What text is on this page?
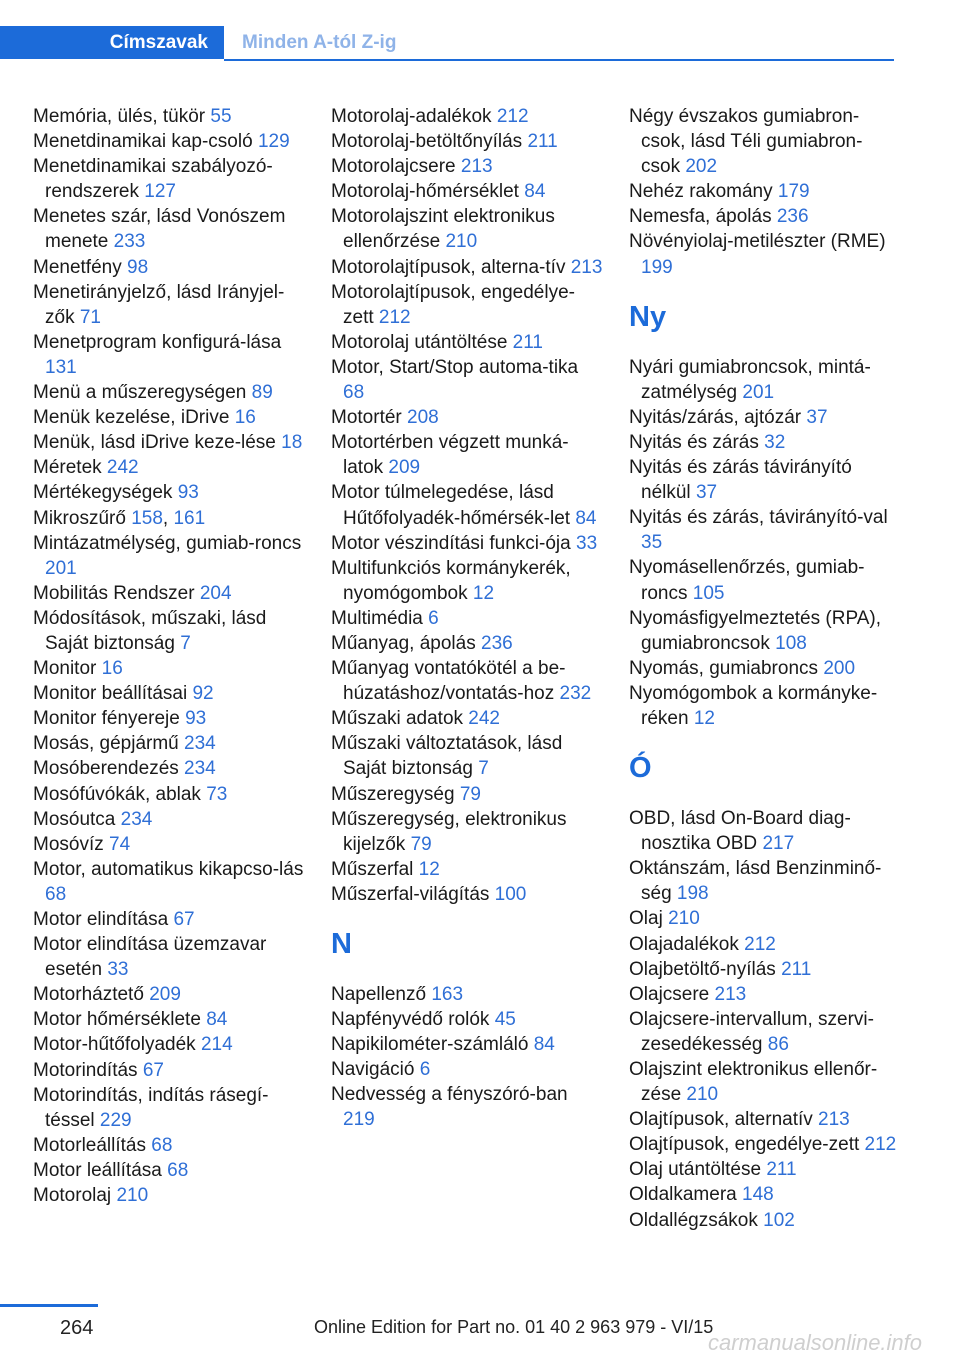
Címszavak	Minden A-tól Z-ig
Memória, ülés, tükör 55
Menetdinamikai kap-csoló 129
Menetdinamikai szabályozó-rendszerek 127
Menetes szár, lásd Vonószem menete 233
Menetfény 98
Menetirányjelző, lásd Irányjel-zők 71
Menetprogram konfigurá-lása 131
Menü a műszeregységen 89
Menük kezelése, iDrive 16
Menük, lásd iDrive keze-lése 18
Méretek 242
Mértékegységek 93
Mikroszűrő 158, 161
Mintázatmélység, gumiab-roncs 201
Mobilitás Rendszer 204
Módosítások, műszaki, lásd Saját biztonság 7
Monitor 16
Monitor beállításai 92
Monitor fényereje 93
Mosás, gépjármű 234
Mosóberendezés 234
Mosófúvókák, ablak 73
Mosóutca 234
Mosóvíz 74
Motor, automatikus kikapcso-lás 68
Motor elindítása 67
Motor elindítása üzemzavar esetén 33
Motorháztető 209
Motor hőmérséklete 84
Motor-hűtőfolyadék 214
Motorindítás 67
Motorindítás, indítás rásegí-téssel 229
Motorleállítás 68
Motor leállítása 68
Motorolaj 210
Motorolaj-adalékok 212
Motorolaj-betöltőnyílás 211
Motorolajcsere 213
Motorolaj-hőmérséklet 84
Motorolajszint elektronikus ellenőrzése 210
Motorolajtípusok, alterna-tív 213
Motorolajtípusok, engedélye-zett 212
Motorolaj utántöltése 211
Motor, Start/Stop automa-tika 68
Motortér 208
Motortérben végzett munká-latok 209
Motor túlmelegedése, lásd Hűtőfolyadék-hőmérsék-let 84
Motor vészindítási funkci-ója 33
Multifunkciós kormánykerék, nyomógombok 12
Multimédia 6
Műanyag, ápolás 236
Műanyag vontatókötél a be-húzatáshoz/vontatás-hoz 232
Műszaki adatok 242
Műszaki változtatások, lásd Saját biztonság 7
Műszeregység 79
Műszeregység, elektronikus kijelzők 79
Műszerfal 12
Műszerfal-világítás 100
N
Napellenző 163
Napfényvédő rolók 45
Napikilométer-számláló 84
Navigáció 6
Nedvesség a fényszóró-ban 219
Négy évszakos gumiabron-csok, lásd Téli gumiabron-csok 202
Nehéz rakomány 179
Nemesfa, ápolás 236
Növényiolaj-metilészter (RME) 199
Ny
Nyári gumiabroncsok, mintá-zatmélység 201
Nyitás/zárás, ajtózár 37
Nyitás és zárás 32
Nyitás és zárás távirányító nélkül 37
Nyitás és zárás, távirányító-val 35
Nyomásellenőrzés, gumiab-roncs 105
Nyomásfigyelmeztetés (RPA), gumiabroncsok 108
Nyomás, gumiabroncs 200
Nyomógombok a kormányke-réken 12
Ó
OBD, lásd On-Board diag-nosztika OBD 217
Oktánszám, lásd Benzinminő-ség 198
Olaj 210
Olajadalékok 212
Olajbetöltő-nyílás 211
Olajcsere 213
Olajcsere-intervallum, szervi-zesedékesség 86
Olajszint elektronikus ellenőr-zése 210
Olajtípusok, alternatív 213
Olajtípusok, engedélye-zett 212
Olaj utántöltése 211
Oldalkamera 148
Oldallégzsákok 102
264	Online Edition for Part no. 01 40 2 963 979 - VI/15
carmanualsonline.info
